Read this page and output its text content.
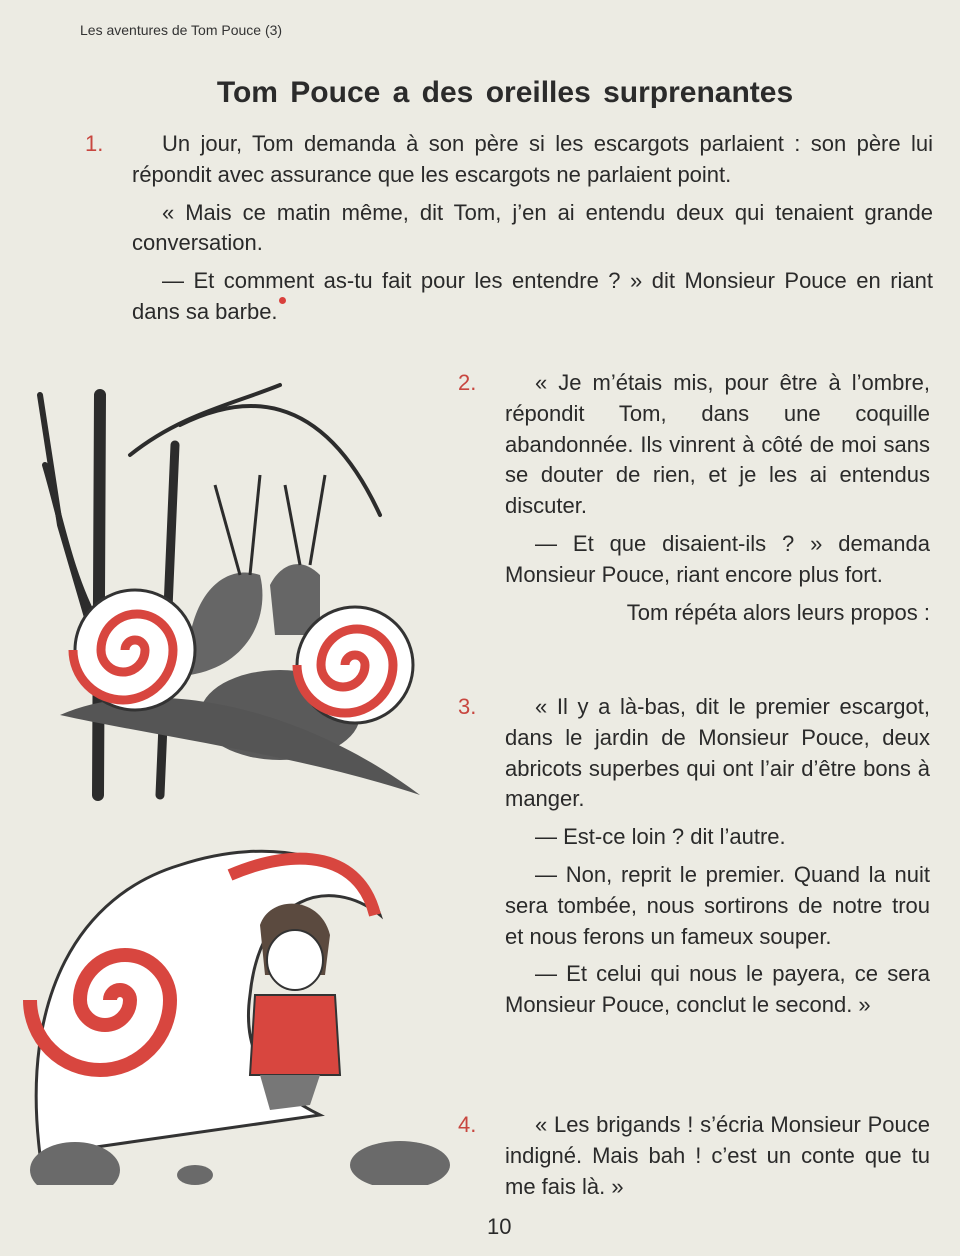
Les aventures de Tom Pouce (3)
Tom Pouce a des oreilles surprenantes
1.	Un jour, Tom demanda à son père si les escargots parlaient : son père lui répondit avec assurance que les escargots ne parlaient point.

« Mais ce matin même, dit Tom, j’en ai entendu deux qui tenaient grande conversation.

— Et comment as-tu fait pour les entendre ? » dit Monsieur Pouce en riant dans sa barbe.

2.	« Je m’étais mis, pour être à l’ombre, répondit Tom, dans une coquille abandonnée. Ils vinrent à côté de moi sans se douter de rien, et je les ai entendus discuter.

— Et que disaient-ils ? » demanda Monsieur Pouce, riant encore plus fort.

Tom répéta alors leurs propos :

3.	« Il y a là-bas, dit le premier escargot, dans le jardin de Monsieur Pouce, deux abricots superbes qui ont l’air d’être bons à manger.

— Est-ce loin ? dit l’autre.

— Non, reprit le premier. Quand la nuit sera tombée, nous sortirons de notre trou et nous ferons un fameux souper.

— Et celui qui nous le payera, ce sera Monsieur Pouce, conclut le second. »

4.	« Les brigands ! s’écria Monsieur Pouce indigné. Mais bah ! c’est un conte que tu me fais là. »

10
